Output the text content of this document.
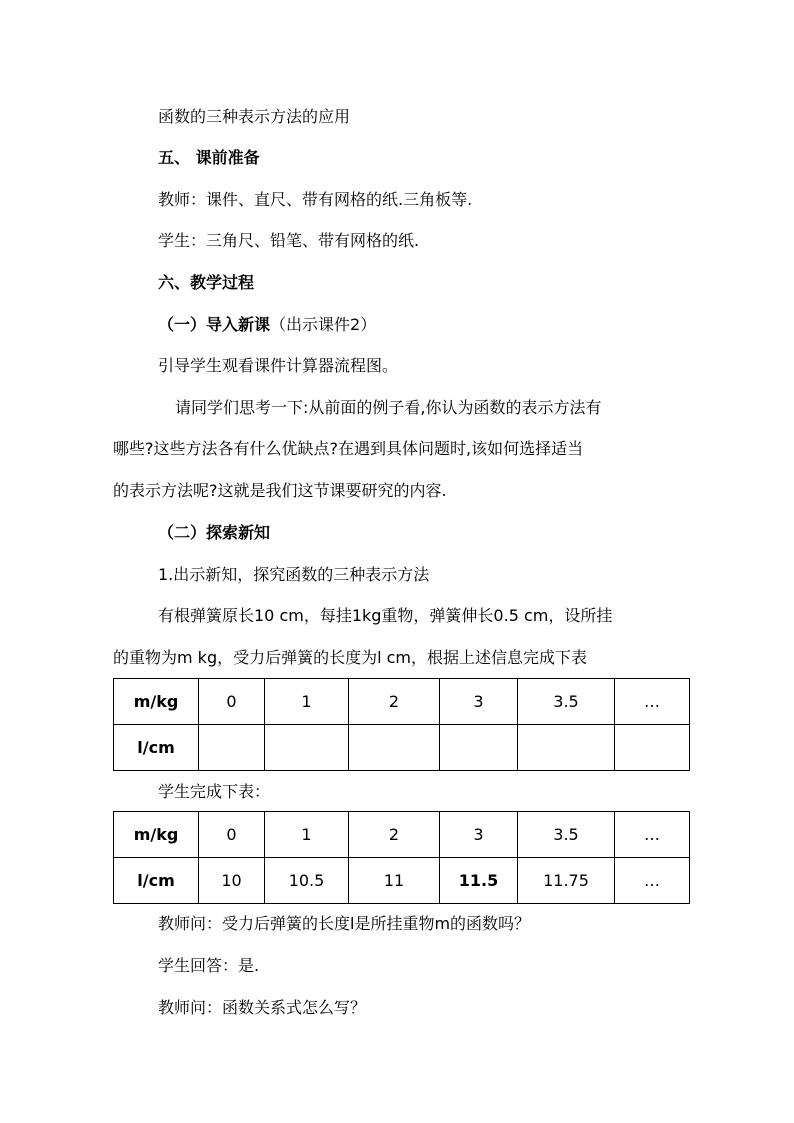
函数的三种表示方法的应用
五、 课前准备
教师：课件、直尺、带有网格的纸.三角板等.
学生：三角尺、铅笔、带有网格的纸.
六、教学过程
（一）导入新课（出示课件2）
引导学生观看课件计算器流程图。
请同学们思考一下:从前面的例子看,你认为函数的表示方法有
哪些?这些方法各有什么优缺点?在遇到具体问题时,该如何选择适当
的表示方法呢?这就是我们这节课要研究的内容.
（二）探索新知
1.出示新知，探究函数的三种表示方法
有根弹簧原长10 cm，每挂1kg重物，弹簧伸长0.5 cm，设所挂
的重物为m kg，受力后弹簧的长度为l cm，根据上述信息完成下表
m/kg	0	1	2	3	3.5	…
l/cm						
学生完成下表：
m/kg	0	1	2	3	3.5	…
l/cm	10	10.5	11	11.5	11.75	…
教师问：受力后弹簧的长度l是所挂重物m的函数吗？
学生回答：是.
教师问：函数关系式怎么写？
